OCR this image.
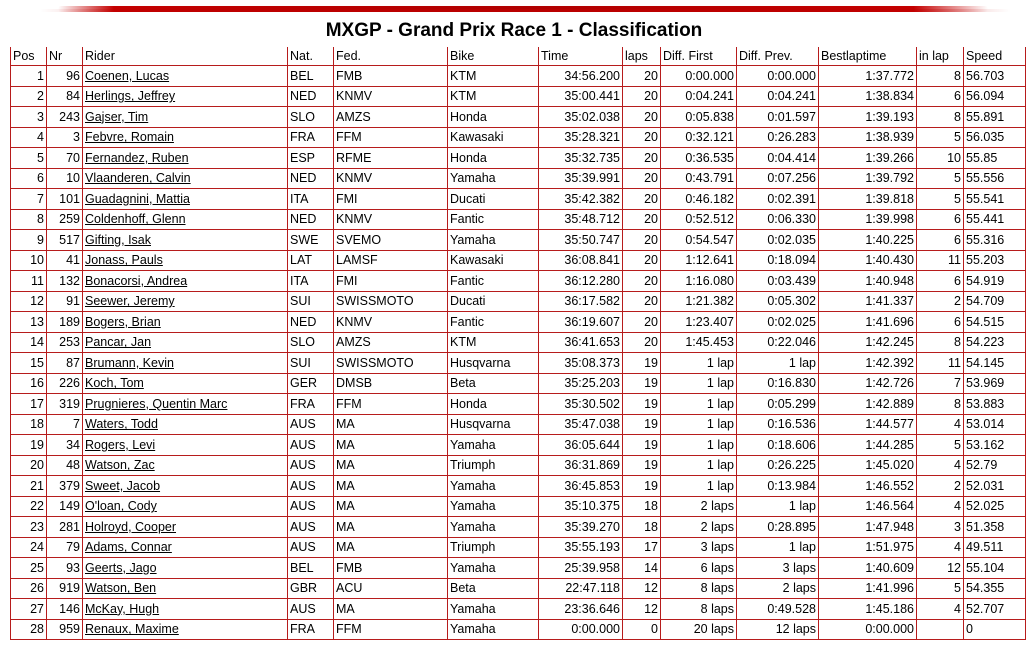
MXGP - Grand Prix Race 1 - Classification
Pos	Nr	Rider	Nat.	Fed.	Bike	Time	laps	Diff. First	Diff. Prev.	Bestlaptime	in lap	Speed
1	96	Coenen, Lucas	BEL	FMB	KTM	34:56.200	20	0:00.000	0:00.000	1:37.772	8	56.703
2	84	Herlings, Jeffrey	NED	KNMV	KTM	35:00.441	20	0:04.241	0:04.241	1:38.834	6	56.094
3	243	Gajser, Tim	SLO	AMZS	Honda	35:02.038	20	0:05.838	0:01.597	1:39.193	8	55.891
4	3	Febvre, Romain	FRA	FFM	Kawasaki	35:28.321	20	0:32.121	0:26.283	1:38.939	5	56.035
5	70	Fernandez, Ruben	ESP	RFME	Honda	35:32.735	20	0:36.535	0:04.414	1:39.266	10	55.85
6	10	Vlaanderen, Calvin	NED	KNMV	Yamaha	35:39.991	20	0:43.791	0:07.256	1:39.792	5	55.556
7	101	Guadagnini, Mattia	ITA	FMI	Ducati	35:42.382	20	0:46.182	0:02.391	1:39.818	5	55.541
8	259	Coldenhoff, Glenn	NED	KNMV	Fantic	35:48.712	20	0:52.512	0:06.330	1:39.998	6	55.441
9	517	Gifting, Isak	SWE	SVEMO	Yamaha	35:50.747	20	0:54.547	0:02.035	1:40.225	6	55.316
10	41	Jonass, Pauls	LAT	LAMSF	Kawasaki	36:08.841	20	1:12.641	0:18.094	1:40.430	11	55.203
11	132	Bonacorsi, Andrea	ITA	FMI	Fantic	36:12.280	20	1:16.080	0:03.439	1:40.948	6	54.919
12	91	Seewer, Jeremy	SUI	SWISSMOTO	Ducati	36:17.582	20	1:21.382	0:05.302	1:41.337	2	54.709
13	189	Bogers, Brian	NED	KNMV	Fantic	36:19.607	20	1:23.407	0:02.025	1:41.696	6	54.515
14	253	Pancar, Jan	SLO	AMZS	KTM	36:41.653	20	1:45.453	0:22.046	1:42.245	8	54.223
15	87	Brumann, Kevin	SUI	SWISSMOTO	Husqvarna	35:08.373	19	1 lap	1 lap	1:42.392	11	54.145
16	226	Koch, Tom	GER	DMSB	Beta	35:25.203	19	1 lap	0:16.830	1:42.726	7	53.969
17	319	Prugnieres, Quentin Marc	FRA	FFM	Honda	35:30.502	19	1 lap	0:05.299	1:42.889	8	53.883
18	7	Waters, Todd	AUS	MA	Husqvarna	35:47.038	19	1 lap	0:16.536	1:44.577	4	53.014
19	34	Rogers, Levi	AUS	MA	Yamaha	36:05.644	19	1 lap	0:18.606	1:44.285	5	53.162
20	48	Watson, Zac	AUS	MA	Triumph	36:31.869	19	1 lap	0:26.225	1:45.020	4	52.79
21	379	Sweet, Jacob	AUS	MA	Yamaha	36:45.853	19	1 lap	0:13.984	1:46.552	2	52.031
22	149	O'loan, Cody	AUS	MA	Yamaha	35:10.375	18	2 laps	1 lap	1:46.564	4	52.025
23	281	Holroyd, Cooper	AUS	MA	Yamaha	35:39.270	18	2 laps	0:28.895	1:47.948	3	51.358
24	79	Adams, Connar	AUS	MA	Triumph	35:55.193	17	3 laps	1 lap	1:51.975	4	49.511
25	93	Geerts, Jago	BEL	FMB	Yamaha	25:39.958	14	6 laps	3 laps	1:40.609	12	55.104
26	919	Watson, Ben	GBR	ACU	Beta	22:47.118	12	8 laps	2 laps	1:41.996	5	54.355
27	146	McKay, Hugh	AUS	MA	Yamaha	23:36.646	12	8 laps	0:49.528	1:45.186	4	52.707
28	959	Renaux, Maxime	FRA	FFM	Yamaha	0:00.000	0	20 laps	12 laps	0:00.000		0
